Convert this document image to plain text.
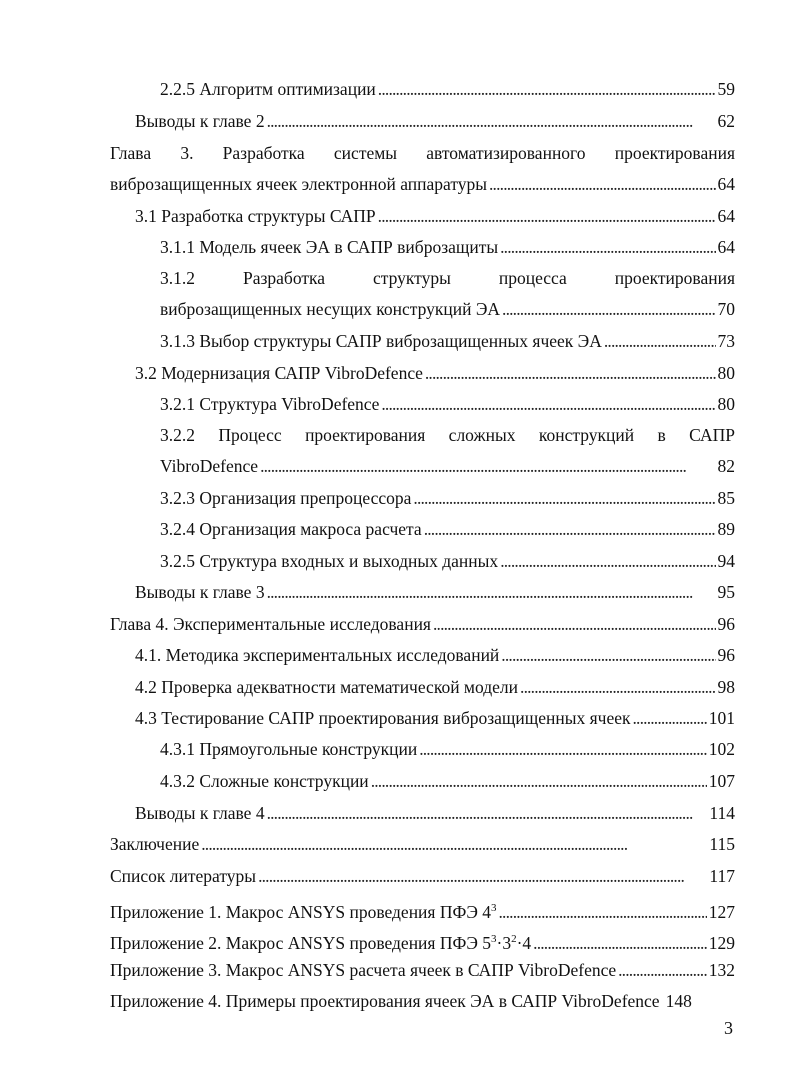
2.2.5 Алгоритм оптимизации . . .	59
Выводы к главе 2 . . .	62
Глава 3. Разработка системы автоматизированного проектирования
виброзащищенных ячеек электронной аппаратуры . . .	64
3.1 Разработка структуры САПР . . .	64
3.1.1 Модель ячеек ЭА в САПР виброзащиты . . .	64
3.1.2 Разработка структуры процесса проектирования
виброзащищенных несущих конструкций ЭА . . .	70
3.1.3 Выбор структуры САПР виброзащищенных ячеек ЭА . . .	73
3.2 Модернизация САПР VibroDefence . . .	80
3.2.1 Структура VibroDefence . . .	80
3.2.2 Процесс проектирования сложных конструкций в САПР
VibroDefence . . .	82
3.2.3 Организация препроцессора . . .	85
3.2.4 Организация макроса расчета . . .	89
3.2.5 Структура входных и выходных данных . . .	94
Выводы к главе 3 . . .	95
Глава 4. Экспериментальные исследования . . .	96
4.1. Методика экспериментальных исследований . . .	96
4.2 Проверка адекватности математической модели . . .	98
4.3 Тестирование САПР проектирования виброзащищенных ячеек . . .	101
4.3.1 Прямоугольные конструкции . . .	102
4.3.2 Сложные конструкции . . .	107
Выводы к главе 4 . . .	114
Заключение . . .	115
Список литературы . . .	117
Приложение 1. Макрос ANSYS проведения ПФЭ $4^3$ . . .	127
Приложение 2. Макрос ANSYS проведения ПФЭ $5^3\cdot 3^2\cdot 4$ . . .	129
Приложение 3. Макрос ANSYS расчета ячеек в САПР VibroDefence . . .	132
Приложение 4. Примеры проектирования ячеек ЭА в САПР VibroDefence 148
3
